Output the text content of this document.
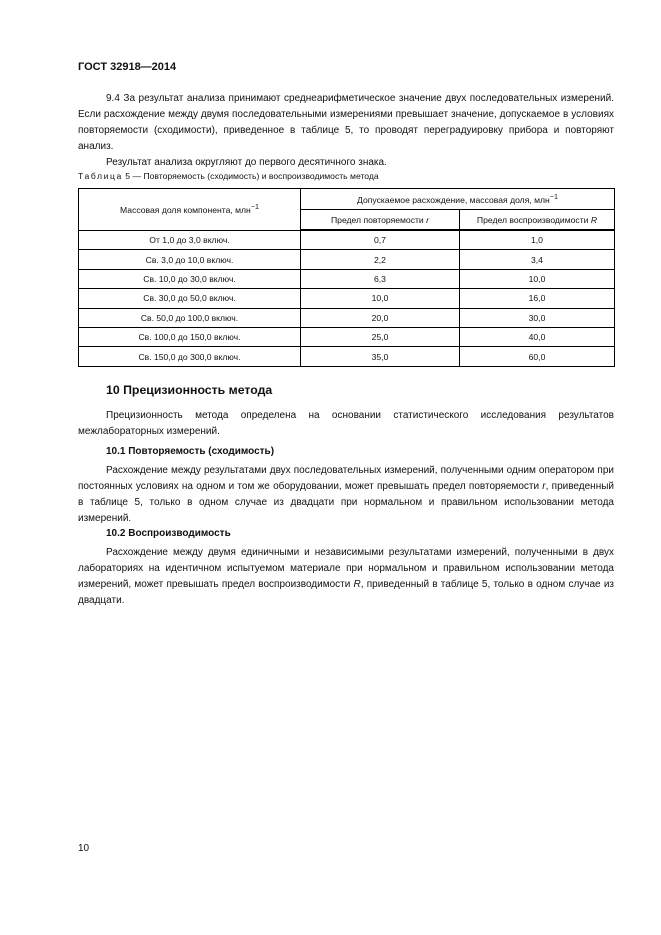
ГОСТ 32918—2014

9.4 За результат анализа принимают среднеарифметическое значение двух последовательных измерений. Если расхождение между двумя последовательными измерениями превышает значение, допускаемое в условиях повторяемости (сходимости), приведенное в таблице 5, то проводят переградуировку прибора и повторяют анализ.

Результат анализа округляют до первого десятичного знака.

Таблица 5 — Повторяемость (сходимость) и воспроизводимость метода
Массовая доля компонента, млн$^{-1}$	Допускаемое расхождение, массовая доля, млн$^{-1}$
	Предел повторяемости r	Предел воспроизводимости R
От 1,0 до 3,0 включ.	0,7	1,0
Св. 3,0 до 10,0 включ.	2,2	3,4
Св. 10,0 до 30,0 включ.	6,3	10,0
Св. 30,0 до 50,0 включ.	10,0	16,0
Св. 50,0 до 100,0 включ.	20,0	30,0
Св. 100,0 до 150,0 включ.	25,0	40,0
Св. 150,0 до 300,0 включ.	35,0	60,0
10 Прецизионность метода

Прецизионность метода определена на основании статистического исследования результатов межлабораторных измерений.

10.1 Повторяемость (сходимость)

Расхождение между результатами двух последовательных измерений, полученными одним оператором при постоянных условиях на одном и том же оборудовании, может превышать предел повторяемости r, приведенный в таблице 5, только в одном случае из двадцати при нормальном и правильном использовании метода измерений.

10.2 Воспроизводимость

Расхождение между двумя единичными и независимыми результатами измерений, полученными в двух лабораториях на идентичном испытуемом материале при нормальном и правильном использовании метода измерений, может превышать предел воспроизводимости R, приведенный в таблице 5, только в одном случае из двадцати.

10
